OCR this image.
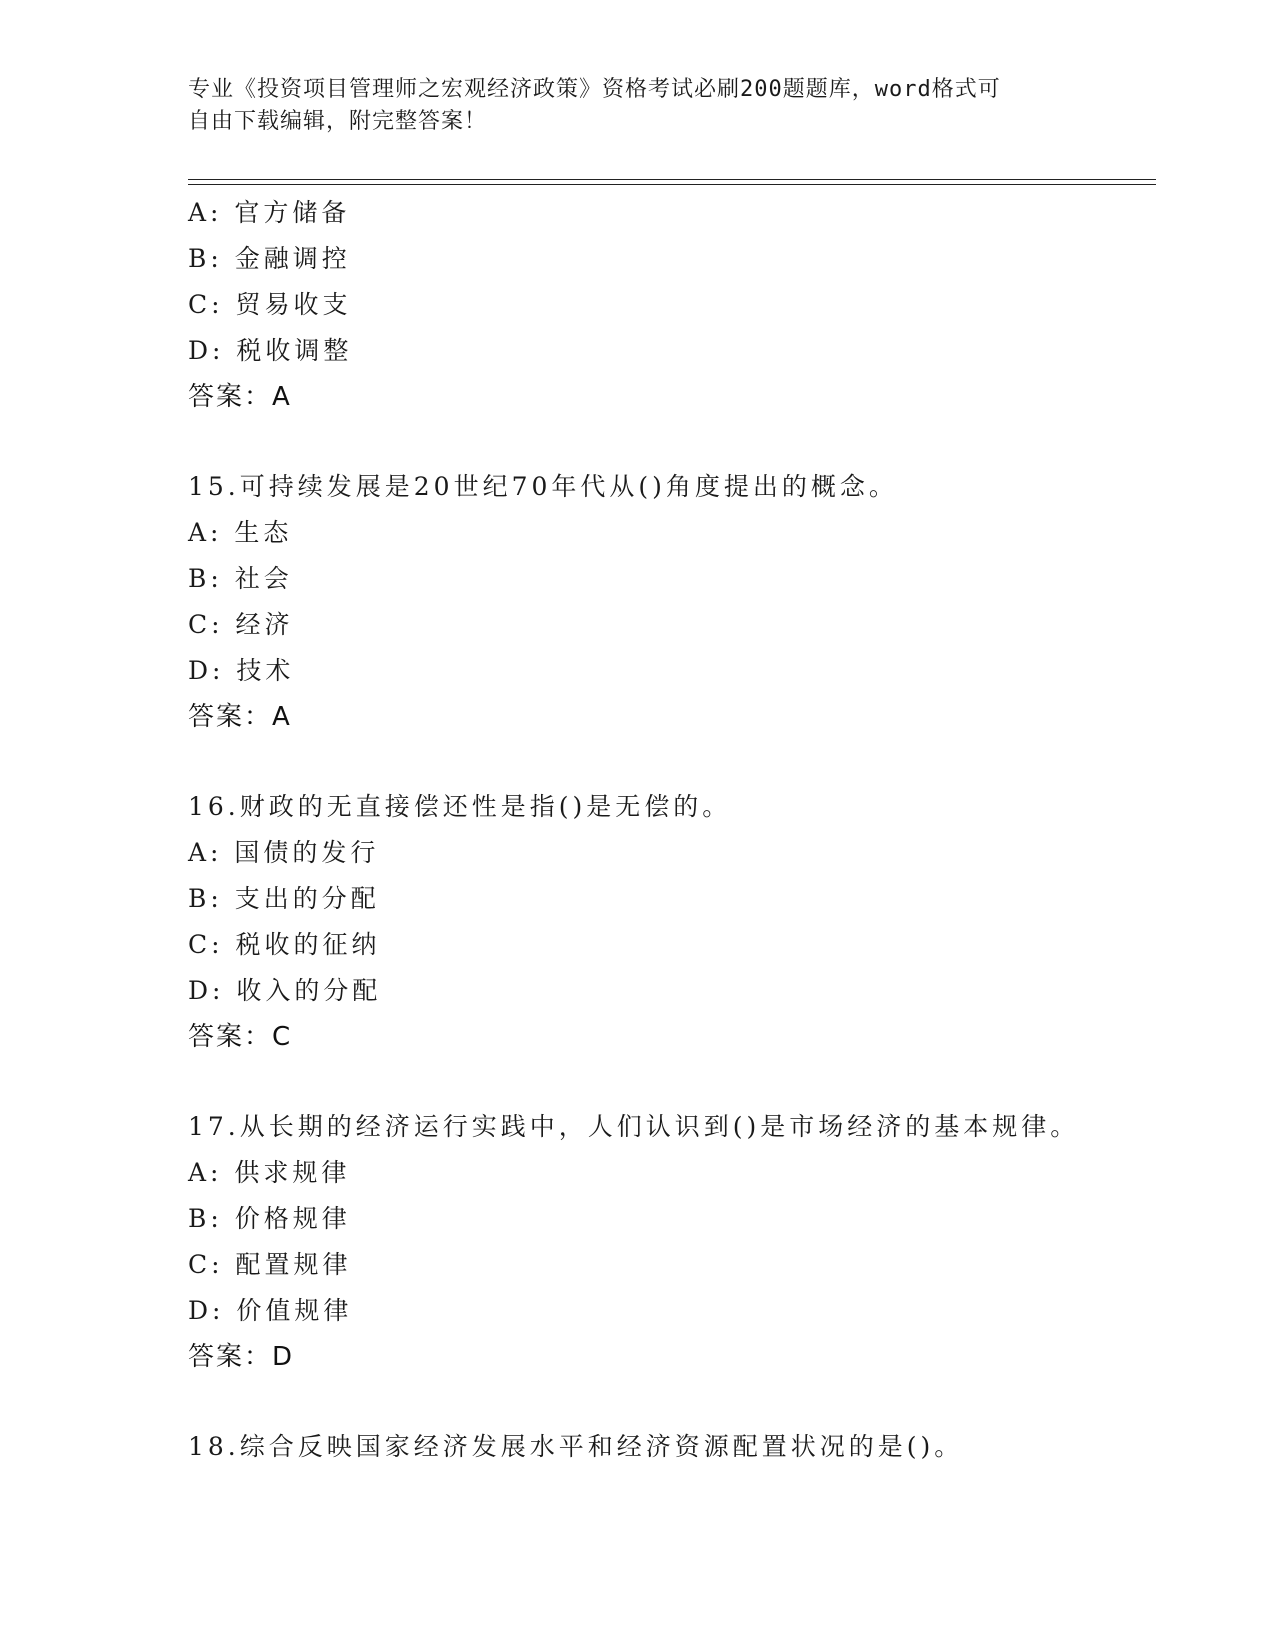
专业《投资项目管理师之宏观经济政策》资格考试必刷200题题库，word格式可
自由下载编辑，附完整答案！
A: 官方储备
B: 金融调控
C: 贸易收支
D: 税收调整
答案：A
15.可持续发展是20世纪70年代从()角度提出的概念。
A: 生态
B: 社会
C: 经济
D: 技术
答案：A
16.财政的无直接偿还性是指()是无偿的。
A: 国债的发行
B: 支出的分配
C: 税收的征纳
D: 收入的分配
答案：C
17.从长期的经济运行实践中，人们认识到()是市场经济的基本规律。
A: 供求规律
B: 价格规律
C: 配置规律
D: 价值规律
答案：D
18.综合反映国家经济发展水平和经济资源配置状况的是()。
